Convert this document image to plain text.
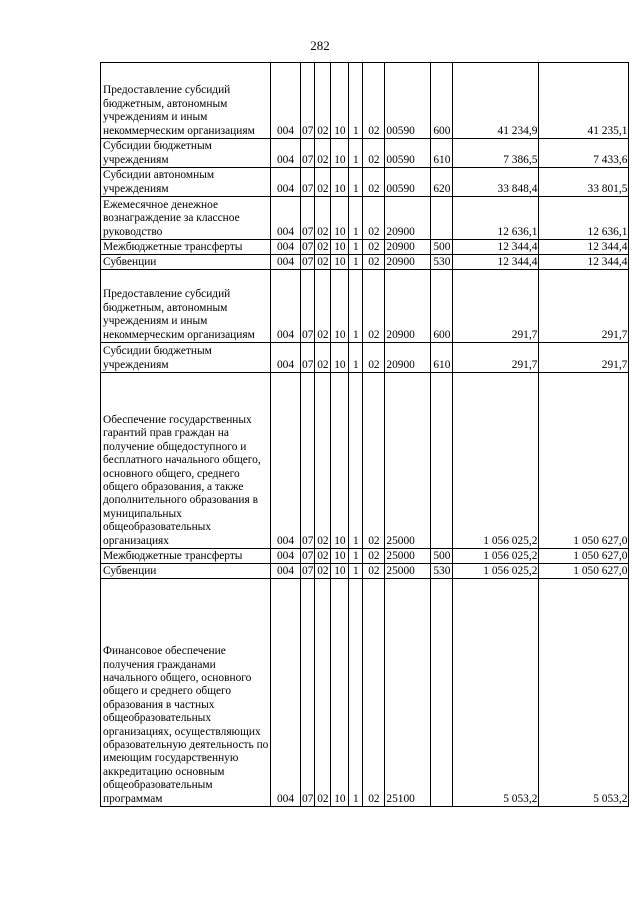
282
Предоставление субсидий бюджетным, автономным учреждениям и иным некоммерческим организациям	004	07	02	10	1	02	00590	600	41 234,9	41 235,1
Субсидии бюджетным учреждениям	004	07	02	10	1	02	00590	610	7 386,5	7 433,6
Субсидии автономным учреждениям	004	07	02	10	1	02	00590	620	33 848,4	33 801,5
Ежемесячное денежное вознаграждение за классное руководство	004	07	02	10	1	02	20900		12 636,1	12 636,1
Межбюджетные трансферты	004	07	02	10	1	02	20900	500	12 344,4	12 344,4
Субвенции	004	07	02	10	1	02	20900	530	12 344,4	12 344,4
Предоставление субсидий бюджетным, автономным учреждениям и иным некоммерческим организациям	004	07	02	10	1	02	20900	600	291,7	291,7
Субсидии бюджетным учреждениям	004	07	02	10	1	02	20900	610	291,7	291,7
Обеспечение государственных гарантий прав граждан на получение общедоступного и бесплатного начального общего, основного общего, среднего общего образования, а также дополнительного образования в муниципальных общеобразовательных организациях	004	07	02	10	1	02	25000		1 056 025,2	1 050 627,0
Межбюджетные трансферты	004	07	02	10	1	02	25000	500	1 056 025,2	1 050 627,0
Субвенции	004	07	02	10	1	02	25000	530	1 056 025,2	1 050 627,0
Финансовое обеспечение получения гражданами начального общего, основного общего и среднего общего образования в частных общеобразовательных организациях, осуществляющих образовательную деятельность по имеющим государственную аккредитацию основным общеобразовательным программам	004	07	02	10	1	02	25100		5 053,2	5 053,2
